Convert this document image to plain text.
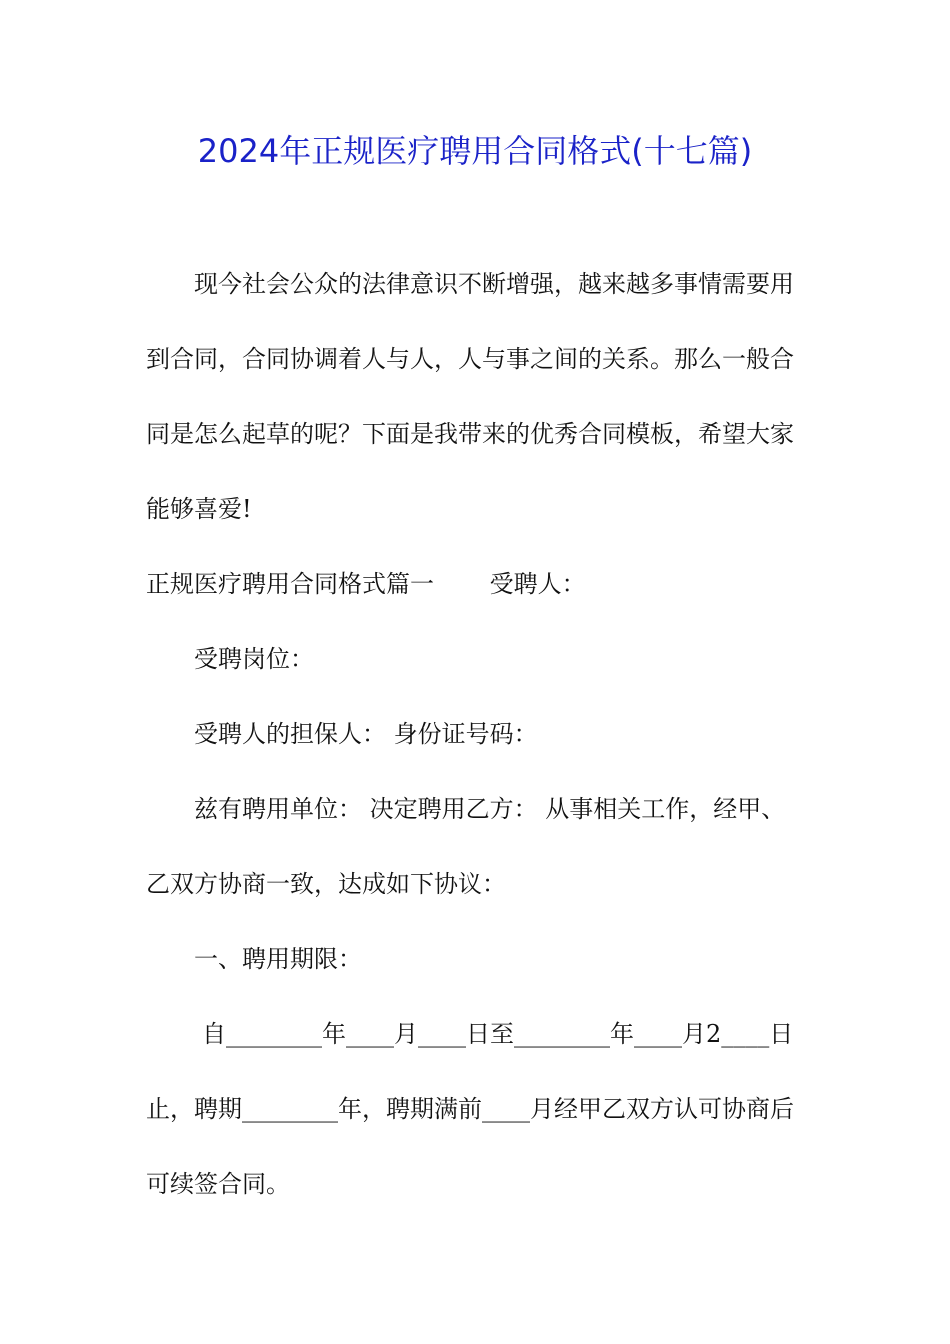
2024年正规医疗聘用合同格式(十七篇)
现今社会公众的法律意识不断增强，越来越多事情需要用
到合同，合同协调着人与人，人与事之间的关系。那么一般合
同是怎么起草的呢？下面是我带来的优秀合同模板，希望大家
能够喜爱!
正规医疗聘用合同格式篇一　　 受聘人：
受聘岗位：
受聘人的担保人： 身份证号码：
兹有聘用单位： 决定聘用乙方： 从事相关工作，经甲、
乙双方协商一致，达成如下协议：
一、聘用期限：
自________年____月____日至________年____月2____日
止，聘期________年，聘期满前____月经甲乙双方认可协商后
可续签合同。
